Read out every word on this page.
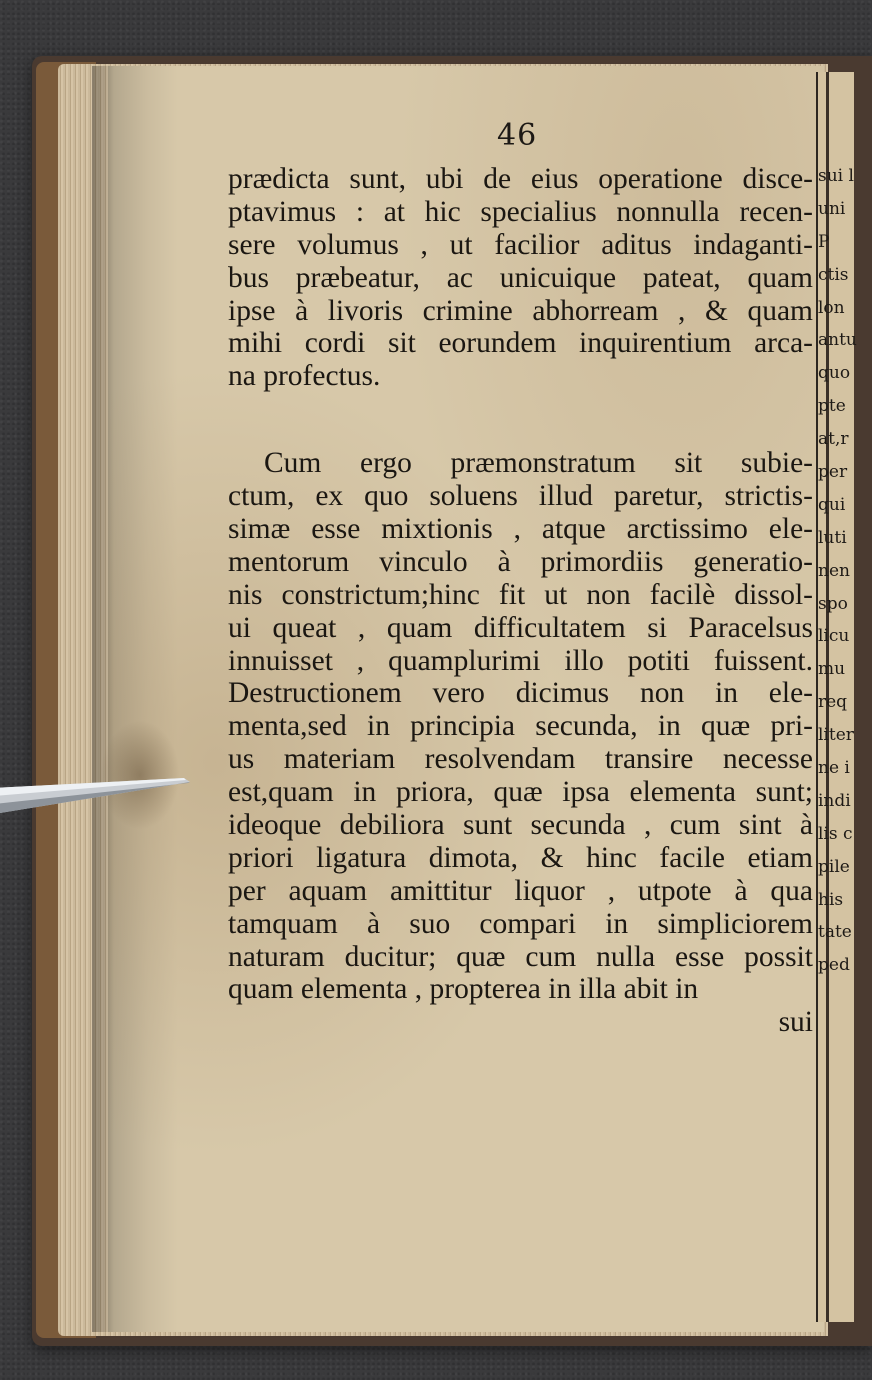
sui l
uni
P
ctis
lon
antu
quo
pte
at,r
per
qui
luti
nen
spo
licu
mu
req
liter
ne i
indi
lis c
pile
his
tate
ped
46
prædicta sunt, ubi de eius operatione disce-
ptavimus : at hic specialius nonnulla recen-
sere volumus , ut facilior aditus indaganti-
bus præbeatur, ac unicuique pateat, quam
ipse à livoris crimine abhorream , & quam
mihi cordi sit eorundem inquirentium arca-
na profectus.
Cum ergo præmonstratum sit subie-
ctum, ex quo soluens illud paretur, strictis-
simæ esse mixtionis , atque arctissimo ele-
mentorum vinculo à primordiis generatio-
nis constrictum;hinc fit ut non facilè dissol-
ui queat , quam difficultatem si Paracelsus
innuisset , quamplurimi illo potiti fuissent.
Destructionem vero dicimus non in ele-
menta,sed in principia secunda, in quæ pri-
us materiam resolvendam transire necesse
est,quam in priora, quæ ipsa elementa sunt;
ideoque debiliora sunt secunda , cum sint à
priori ligatura dimota, & hinc facile etiam
per aquam amittitur liquor , utpote à qua
tamquam à suo compari in simpliciorem
naturam ducitur; quæ cum nulla esse possit
quam elementa , propterea in illa abit in
sui
